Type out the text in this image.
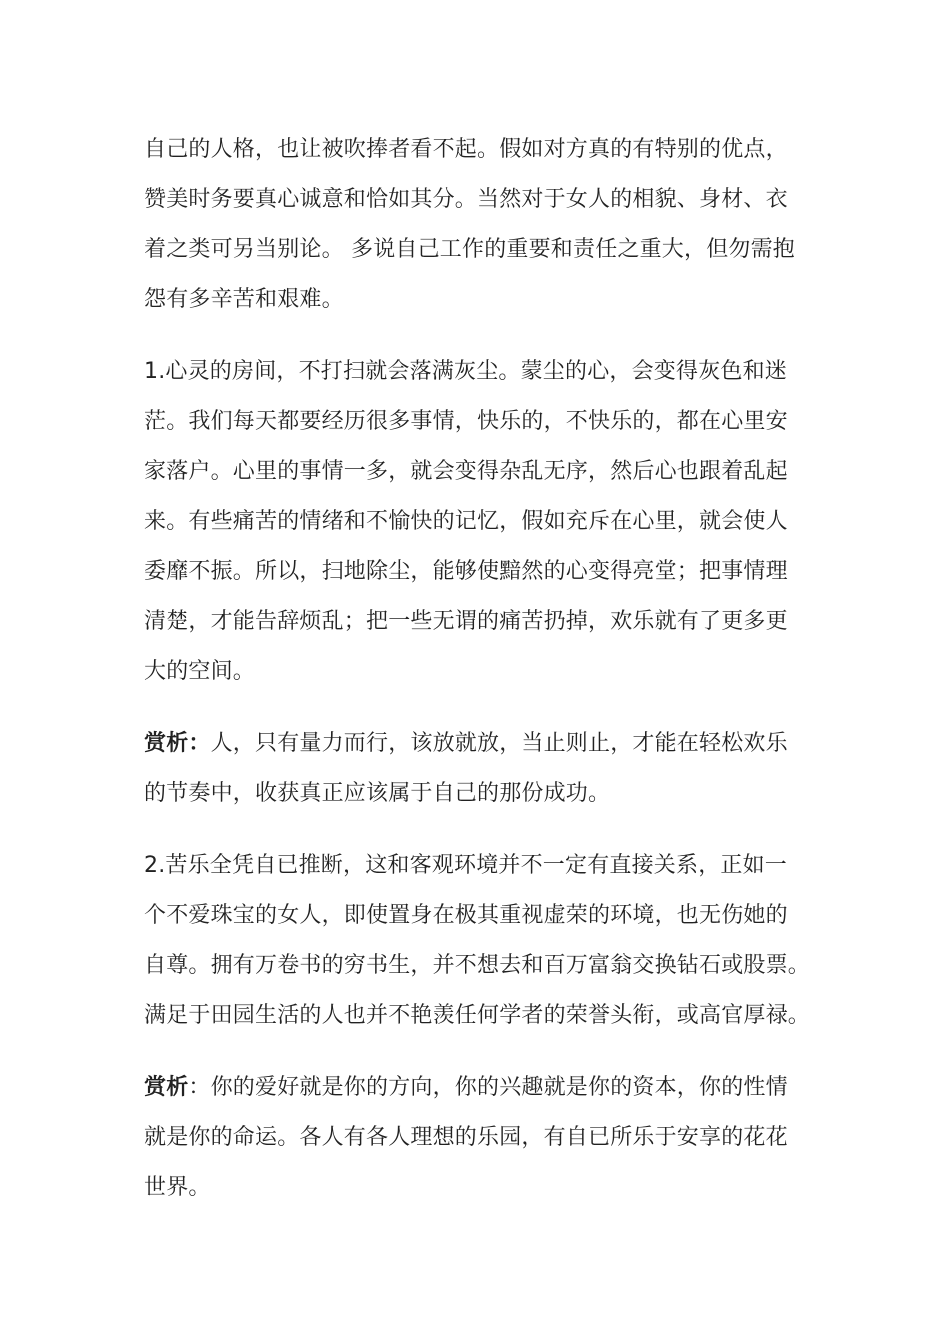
自己的人格，也让被吹捧者看不起。假如对方真的有特别的优点，
赞美时务要真心诚意和恰如其分。当然对于女人的相貌、身材、衣
着之类可另当别论。 多说自己工作的重要和责任之重大，但勿需抱
怨有多辛苦和艰难。
1.心灵的房间，不打扫就会落满灰尘。蒙尘的心，会变得灰色和迷
茫。我们每天都要经历很多事情，快乐的，不快乐的，都在心里安
家落户。心里的事情一多，就会变得杂乱无序，然后心也跟着乱起
来。有些痛苦的情绪和不愉快的记忆，假如充斥在心里，就会使人
委靡不振。所以，扫地除尘，能够使黯然的心变得亮堂；把事情理
清楚，才能告辞烦乱；把一些无谓的痛苦扔掉，欢乐就有了更多更
大的空间。
赏析：人，只有量力而行，该放就放，当止则止，才能在轻松欢乐
的节奏中，收获真正应该属于自己的那份成功。
2.苦乐全凭自已推断，这和客观环境并不一定有直接关系，正如一
个不爱珠宝的女人，即使置身在极其重视虚荣的环境，也无伤她的
自尊。拥有万卷书的穷书生，并不想去和百万富翁交换钻石或股票。
满足于田园生活的人也并不艳羡任何学者的荣誉头衔，或高官厚禄。
赏析：你的爱好就是你的方向，你的兴趣就是你的资本，你的性情
就是你的命运。各人有各人理想的乐园，有自已所乐于安享的花花
世界。
